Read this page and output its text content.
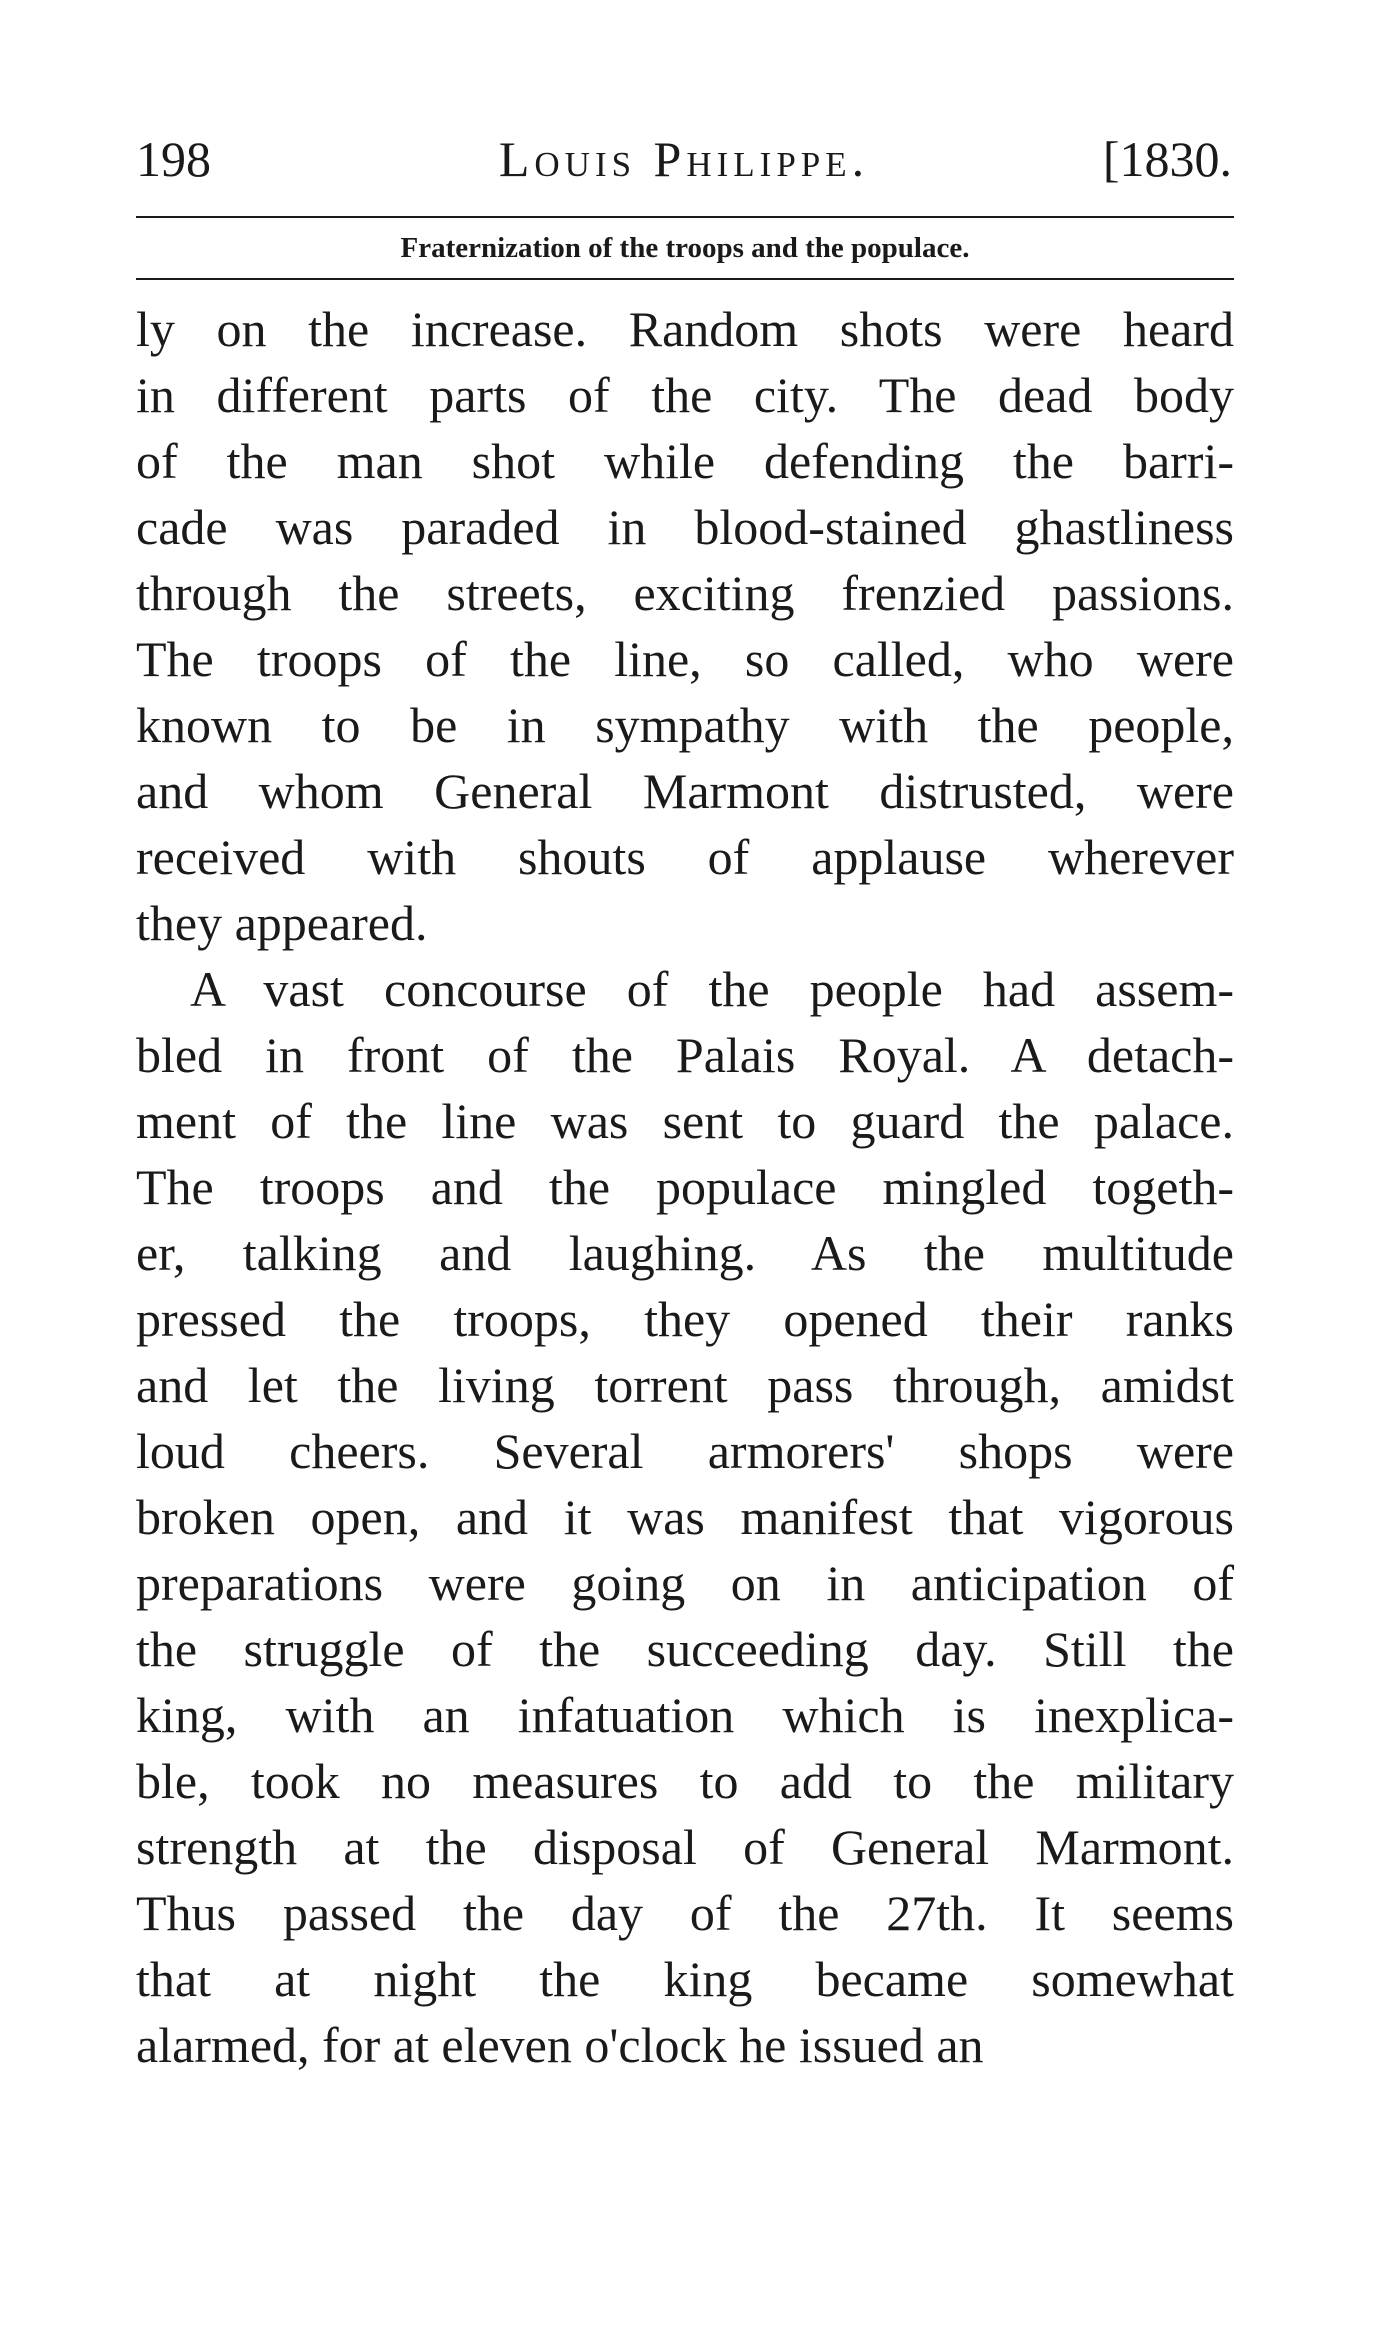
198	Louis Philippe.	[1830.
Fraternization of the troops and the populace.
ly on the increase. Random shots were heard
in different parts of the city. The dead body
of the man shot while defending the barri-
cade was paraded in blood-stained ghastliness
through the streets, exciting frenzied passions.
The troops of the line, so called, who were
known to be in sympathy with the people,
and whom General Marmont distrusted, were
received with shouts of applause wherever
they appeared.
A vast concourse of the people had assem-
bled in front of the Palais Royal. A detach-
ment of the line was sent to guard the palace.
The troops and the populace mingled togeth-
er, talking and laughing. As the multitude
pressed the troops, they opened their ranks
and let the living torrent pass through, amidst
loud cheers. Several armorers' shops were
broken open, and it was manifest that vigorous
preparations were going on in anticipation of
the struggle of the succeeding day. Still the
king, with an infatuation which is inexplica-
ble, took no measures to add to the military
strength at the disposal of General Marmont.
Thus passed the day of the 27th. It seems
that at night the king became somewhat
alarmed, for at eleven o'clock he issued an
